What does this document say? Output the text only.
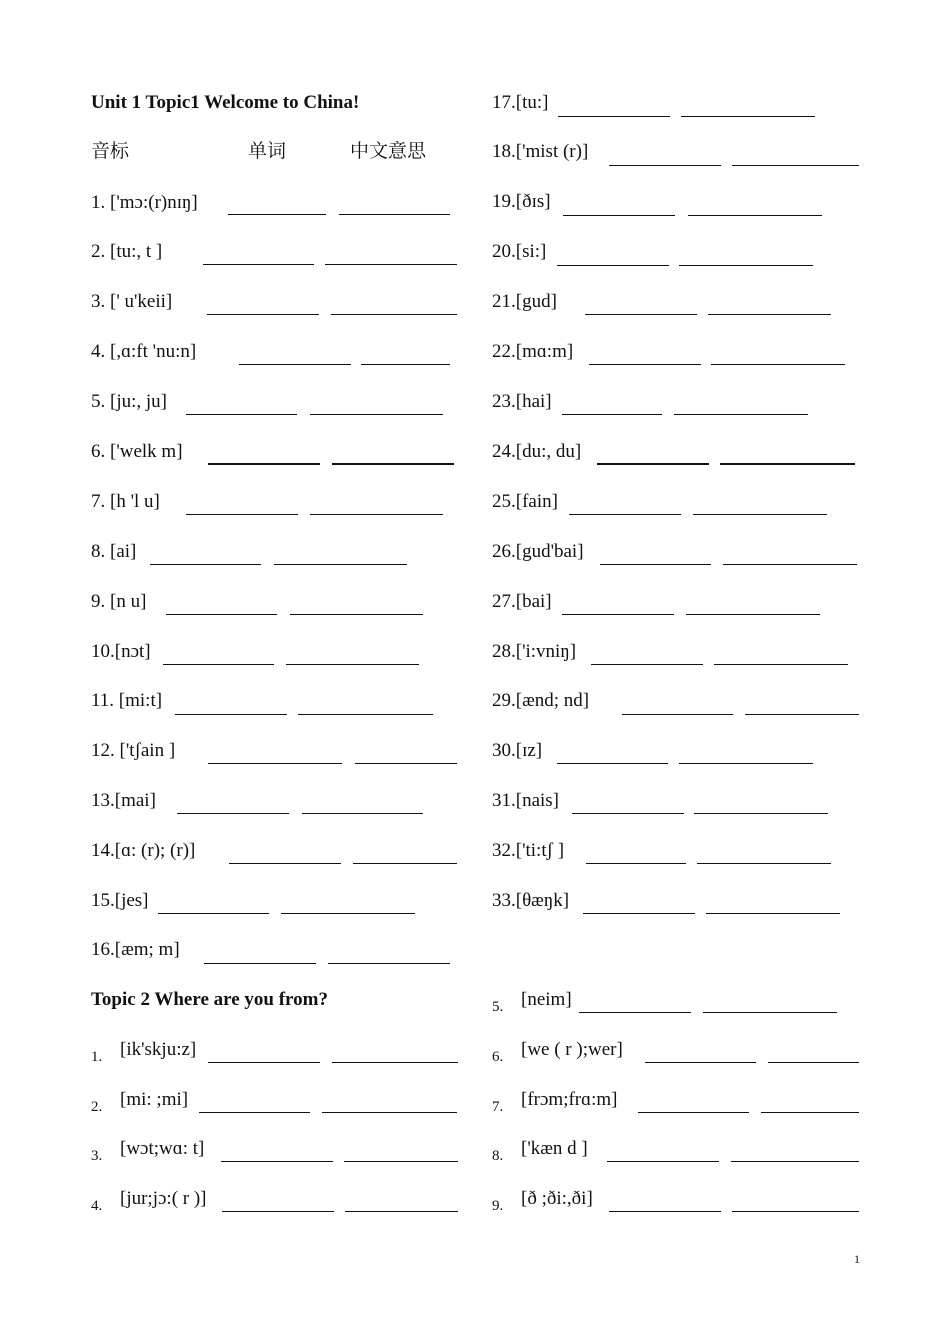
Unit 1 Topic1 Welcome to China!
音标	单词	中文意思
1. ['mɔ:(r)nɪŋ]
2. [tu:, t ]
3. [' u'keii]
4. [,ɑ:ft 'nu:n]
5. [ju:, ju]
6. ['welk m]
7. [h 'l u]
8. [ai]
9. [n u]
10.[nɔt]
11. [mi:t]
12. ['tʃain ]
13.[mai]
14.[ɑ: (r); (r)]
15.[jes]
16.[æm; m]
17.[tu:]
18.['mist (r)]
19.[ðɪs]
20.[si:]
21.[gud]
22.[mɑ:m]
23.[hai]
24.[du:, du]
25.[fain]
26.[gud'bai]
27.[bai]
28.['i:vniŋ]
29.[ænd; nd]
30.[ɪz]
31.[nais]
32.['ti:tʃ ]
33.[θæŋk]
Topic 2 Where are you from?
1. [ik'skju:z]
2. [mi: ;mi]
3. [wɔt;wɑ: t]
4. [jur;jɔ:( r )]
5. [neim]
6. [we ( r );wer]
7. [frɔm;frɑ:m]
8. ['kæn d ]
9. [ð ;ði:,ði]
1
